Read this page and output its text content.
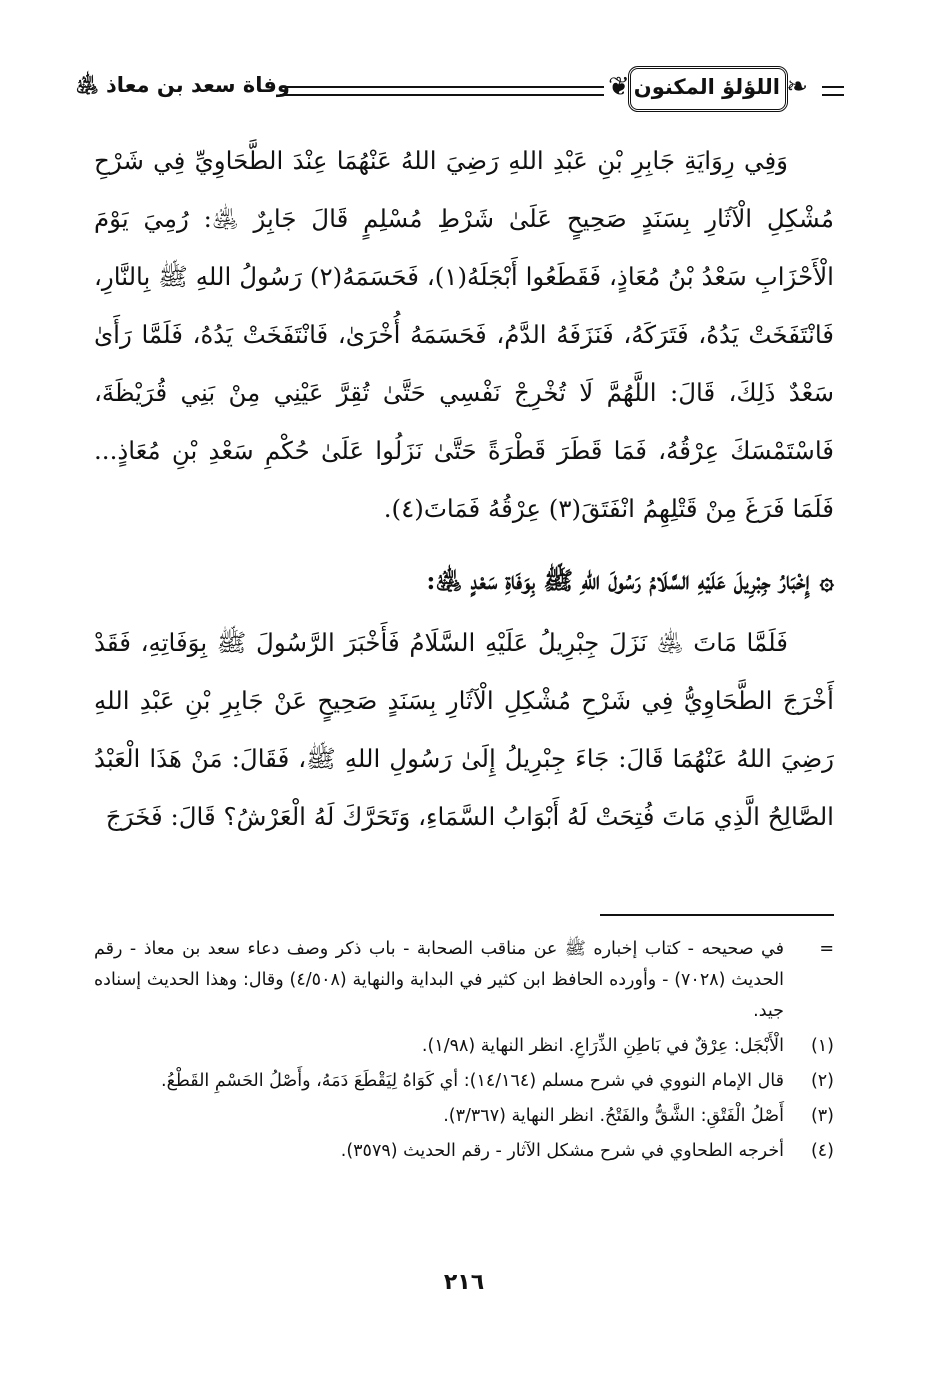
وفاة سعد بن معاذ ﵁	❦	❧
اللؤلؤ المكنون

وَفِي رِوَايَةِ جَابِرِ بْنِ عَبْدِ اللهِ رَضِيَ اللهُ عَنْهُمَا عِنْدَ الطَّحَاوِيِّ فِي شَرْحِ مُشْكِلِ الْآثَارِ بِسَنَدٍ صَحِيحٍ عَلَىٰ شَرْطِ مُسْلِمٍ قَالَ جَابِرٌ ﵁: رُمِيَ يَوْمَ الْأَحْزَابِ سَعْدُ بْنُ مُعَاذٍ، فَقَطَعُوا أَبْجَلَهُ(١)، فَحَسَمَهُ(٢) رَسُولُ اللهِ ﷺ بِالنَّارِ، فَانْتَفَخَتْ يَدُهُ، فَتَرَكَهُ، فَنَزَفَهُ الدَّمُ، فَحَسَمَهُ أُخْرَىٰ، فَانْتَفَخَتْ يَدُهُ، فَلَمَّا رَأَىٰ سَعْدٌ ذَلِكَ، قَالَ: اللَّهُمَّ لَا تُخْرِجْ نَفْسِي حَتَّىٰ تُقِرَّ عَيْنِي مِنْ بَنِي قُرَيْظَةَ، فَاسْتَمْسَكَ عِرْقُهُ، فَمَا قَطَرَ قَطْرَةً حَتَّىٰ نَزَلُوا عَلَىٰ حُكْمِ سَعْدِ بْنِ مُعَاذٍ... فَلَمَا فَرَغَ مِنْ قَتْلِهِمُ انْفَتَقَ(٣) عِرْقُهُ فَمَاتَ(٤).

۞إِخْبَارُ جِبْرِيلَ عَلَيْهِ السَّلَامُ رَسُولَ اللهِ ﷺ بِوَفَاةِ سَعْدٍ ﵁:

فَلَمَّا مَاتَ ﵁ نَزَلَ جِبْرِيلُ عَلَيْهِ السَّلَامُ فَأَخْبَرَ الرَّسُولَ ﷺ بِوَفَاتِهِ، فَقَدْ أَخْرَجَ الطَّحَاوِيُّ فِي شَرْحِ مُشْكِلِ الْآثَارِ بِسَنَدٍ صَحِيحٍ عَنْ جَابِرِ بْنِ عَبْدِ اللهِ رَضِيَ اللهُ عَنْهُمَا قَالَ: جَاءَ جِبْرِيلُ إِلَىٰ رَسُولِ اللهِ ﷺ، فَقَالَ: مَنْ هَذَا الْعَبْدُ الصَّالِحُ الَّذِي مَاتَ فُتِحَتْ لَهُ أَبْوَابُ السَّمَاءِ، وَتَحَرَّكَ لَهُ الْعَرْشُ؟ قَالَ: فَخَرَجَ

=
في صحيحه - كتاب إخباره ﷺ عن مناقب الصحابة - باب ذكر وصف دعاء سعد بن معاذ - رقم الحديث (٧٠٢٨) - وأورده الحافظ ابن كثير في البداية والنهاية (٤/٥٠٨) وقال: وهذا الحديث إسناده جيد.
(١)
الْأَبْجَل: عِرْقٌ في بَاطِنِ الذِّرَاعِ. انظر النهاية (١/٩٨).
(٢)
قال الإمام النووي في شرح مسلم (١٤/١٦٤): أي كَوَاهُ لِيَقْطَعَ دَمَهُ، وأَصْلُ الحَسْمِ القَطْعُ.
(٣)
أَصْلُ الْفَتْقِ: الشَّقُّ والفَتْحُ. انظر النهاية (٣/٣٦٧).
(٤)
أخرجه الطحاوي في شرح مشكل الآثار - رقم الحديث (٣٥٧٩).
٢١٦
